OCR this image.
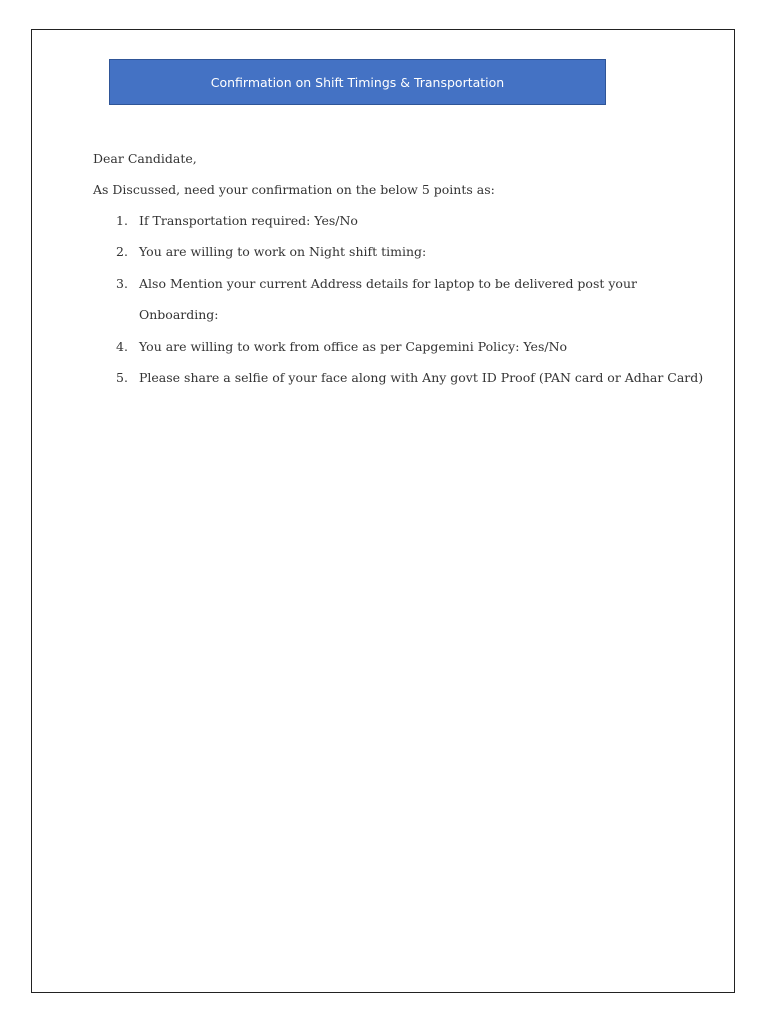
Confirmation on Shift Timings & Transportation
Dear Candidate,
As Discussed, need your confirmation on the below 5 points as:
1. If Transportation required: Yes/No
2. You are willing to work on Night shift timing:
3. Also Mention your current Address details for laptop to be delivered post your
Onboarding:
4. You are willing to work from office as per Capgemini Policy: Yes/No
5. Please share a selfie of your face along with Any govt ID Proof (PAN card or Adhar Card)
